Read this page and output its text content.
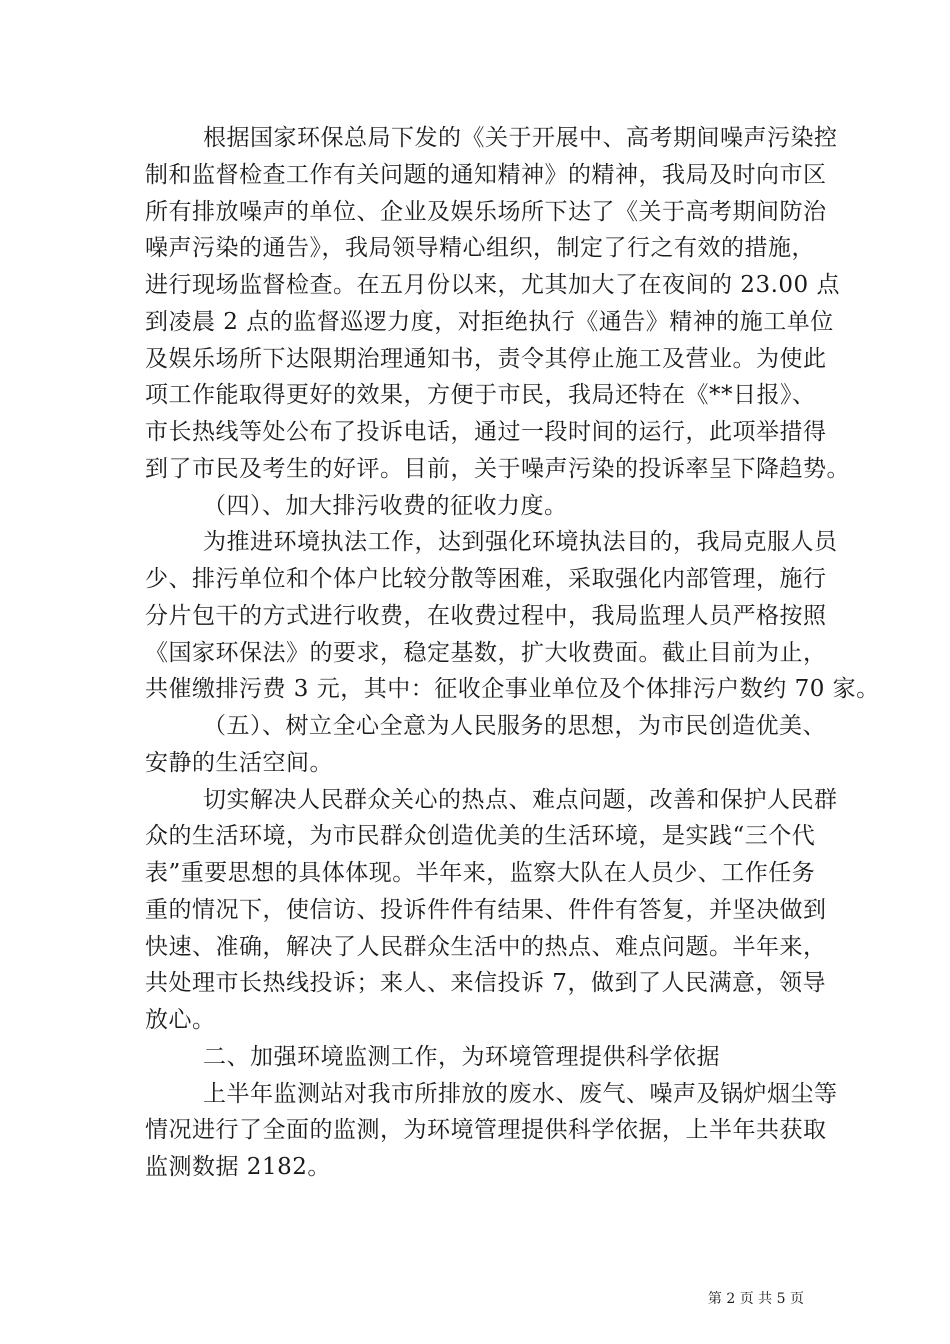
根据国家环保总局下发的《关于开展中、高考期间噪声污染控
制和监督检查工作有关问题的通知精神》的精神，我局及时向市区
所有排放噪声的单位、企业及娱乐场所下达了《关于高考期间防治
噪声污染的通告》，我局领导精心组织，制定了行之有效的措施，
进行现场监督检查。在五月份以来，尤其加大了在夜间的 23.00 点
到凌晨 2 点的监督巡逻力度，对拒绝执行《通告》精神的施工单位
及娱乐场所下达限期治理通知书，责令其停止施工及营业。为使此
项工作能取得更好的效果，方便于市民，我局还特在《**日报》、
市长热线等处公布了投诉电话，通过一段时间的运行，此项举措得
到了市民及考生的好评。目前，关于噪声污染的投诉率呈下降趋势。
（四）、加大排污收费的征收力度。
为推进环境执法工作，达到强化环境执法目的，我局克服人员
少、排污单位和个体户比较分散等困难，采取强化内部管理，施行
分片包干的方式进行收费，在收费过程中，我局监理人员严格按照
《国家环保法》的要求，稳定基数，扩大收费面。截止目前为止，
共催缴排污费 3 元，其中：征收企事业单位及个体排污户数约 70 家。
（五）、树立全心全意为人民服务的思想，为市民创造优美、
安静的生活空间。
切实解决人民群众关心的热点、难点问题，改善和保护人民群
众的生活环境，为市民群众创造优美的生活环境，是实践“三个代
表”重要思想的具体体现。半年来，监察大队在人员少、工作任务
重的情况下，使信访、投诉件件有结果、件件有答复，并坚决做到
快速、准确，解决了人民群众生活中的热点、难点问题。半年来，
共处理市长热线投诉；来人、来信投诉 7，做到了人民满意，领导
放心。
二、加强环境监测工作，为环境管理提供科学依据
上半年监测站对我市所排放的废水、废气、噪声及锅炉烟尘等
情况进行了全面的监测，为环境管理提供科学依据，上半年共获取
监测数据 2182。
第 2 页 共 5 页
